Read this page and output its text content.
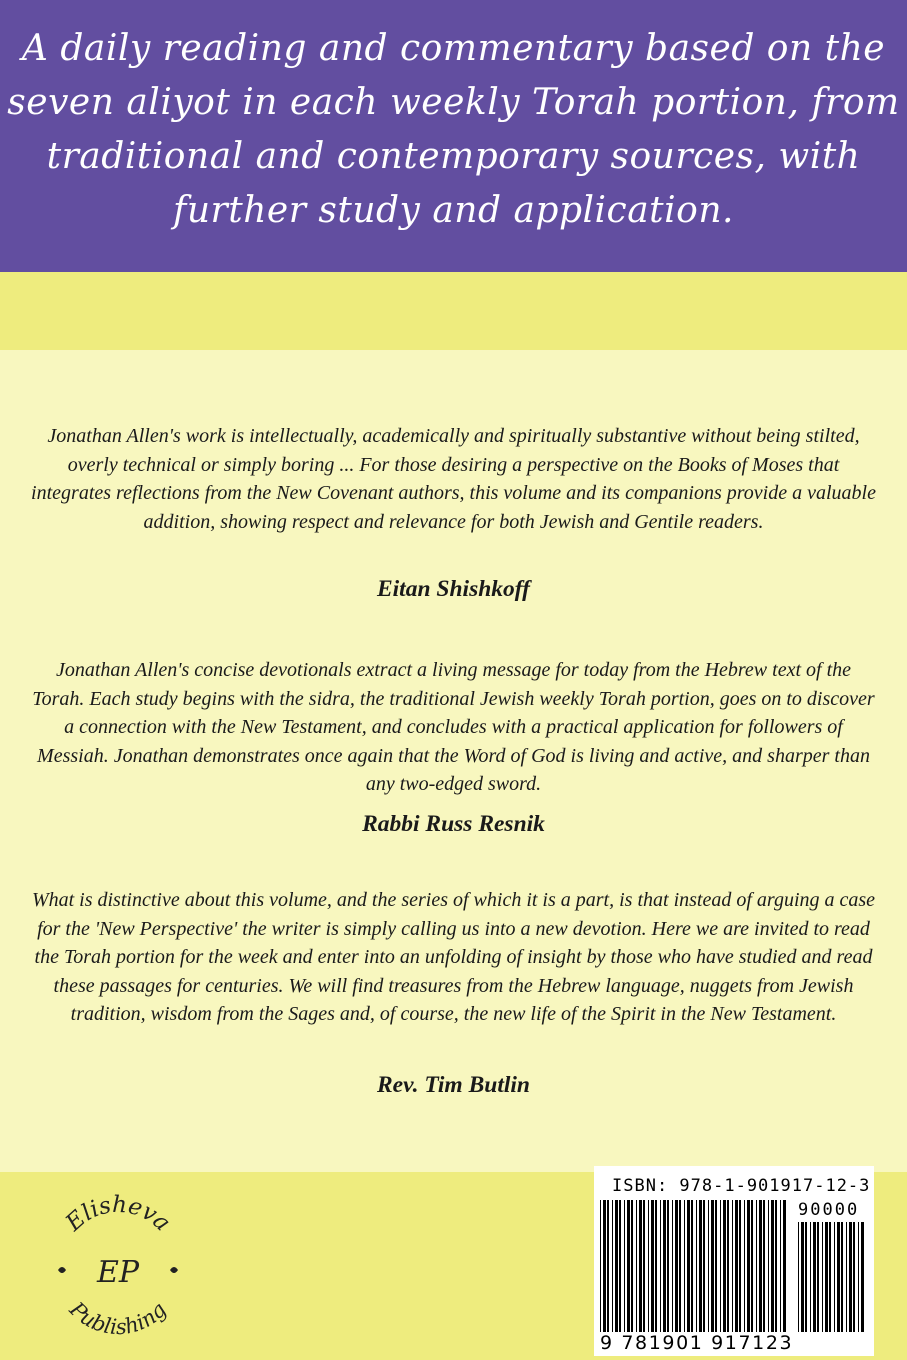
A daily reading and commentary based on the seven aliyot in each weekly Torah portion, from traditional and contemporary sources, with further study and application.

Jonathan Allen's work is intellectually, academically and spiritually substantive without being stilted, overly technical or simply boring ... For those desiring a perspective on the Books of Moses that integrates reflections from the New Covenant authors, this volume and its companions provide a valuable addition, showing respect and relevance for both Jewish and Gentile readers.

Eitan Shishkoff

Jonathan Allen's concise devotionals extract a living message for today from the Hebrew text of the Torah. Each study begins with the sidra, the traditional Jewish weekly Torah portion, goes on to discover a connection with the New Testament, and concludes with a practical application for followers of Messiah. Jonathan demonstrates once again that the Word of God is living and active, and sharper than any two-edged sword.

Rabbi Russ Resnik

What is distinctive about this volume, and the series of which it is a part, is that instead of arguing a case for the 'New Perspective' the writer is simply calling us into a new devotion. Here we are invited to read the Torah portion for the week and enter into an unfolding of insight by those who have studied and read these passages for centuries. We will find treasures from the Hebrew language, nuggets from Jewish tradition, wisdom from the Sages and, of course, the new life of the Spirit in the New Testament.

Rev. Tim Butlin

Elisheva
Publishing
EP

ISBN: 978-1-901917-12-3

90000

9 781901 917123
